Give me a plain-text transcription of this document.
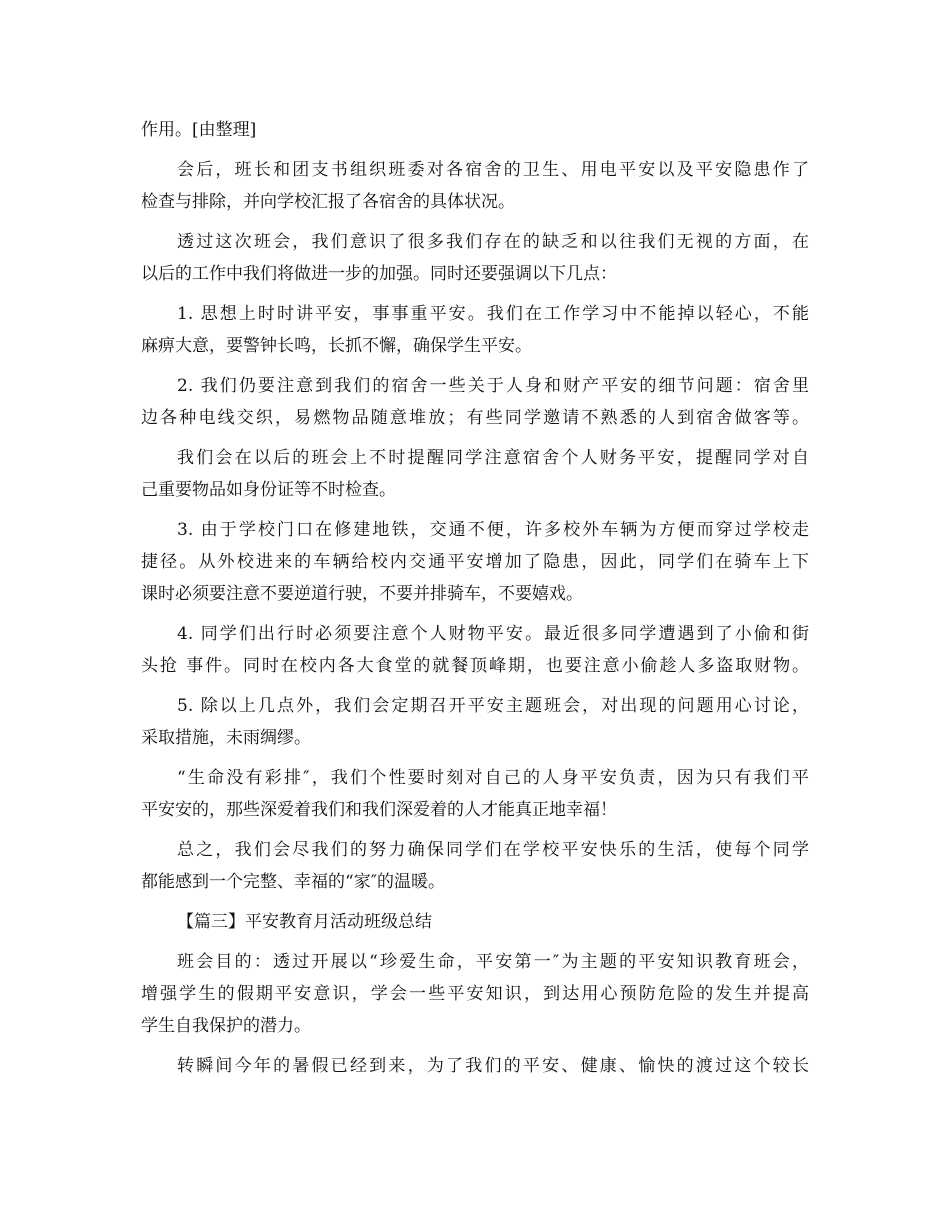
作用。[由整理]
会后，班长和团支书组织班委对各宿舍的卫生、用电平安以及平安隐患作了
检查与排除，并向学校汇报了各宿舍的具体状况。
透过这次班会，我们意识了很多我们存在的缺乏和以往我们无视的方面，在
以后的工作中我们将做进一步的加强。同时还要强调以下几点：
1. 思想上时时讲平安，事事重平安。我们在工作学习中不能掉以轻心，不能
麻痹大意，要警钟长鸣，长抓不懈，确保学生平安。
2. 我们仍要注意到我们的宿舍一些关于人身和财产平安的细节问题：宿舍里
边各种电线交织，易燃物品随意堆放；有些同学邀请不熟悉的人到宿舍做客等。
我们会在以后的班会上不时提醒同学注意宿舍个人财务平安，提醒同学对自
己重要物品如身份证等不时检查。
3. 由于学校门口在修建地铁，交通不便，许多校外车辆为方便而穿过学校走
捷径。从外校进来的车辆给校内交通平安增加了隐患，因此，同学们在骑车上下
课时必须要注意不要逆道行驶，不要并排骑车，不要嬉戏。
4. 同学们出行时必须要注意个人财物平安。最近很多同学遭遇到了小偷和街
头抢 事件。同时在校内各大食堂的就餐顶峰期，也要注意小偷趁人多盗取财物。
5. 除以上几点外，我们会定期召开平安主题班会，对出现的问题用心讨论，
采取措施，未雨绸缪。
“生命没有彩排″，我们个性要时刻对自己的人身平安负责，因为只有我们平
平安安的，那些深爱着我们和我们深爱着的人才能真正地幸福！
总之，我们会尽我们的努力确保同学们在学校平安快乐的生活，使每个同学
都能感到一个完整、幸福的“家″的温暖。
【篇三】平安教育月活动班级总结
班会目的：透过开展以“珍爱生命，平安第一″为主题的平安知识教育班会，
增强学生的假期平安意识，学会一些平安知识，到达用心预防危险的发生并提高
学生自我保护的潜力。
转瞬间今年的暑假已经到来，为了我们的平安、健康、愉快的渡过这个较长
